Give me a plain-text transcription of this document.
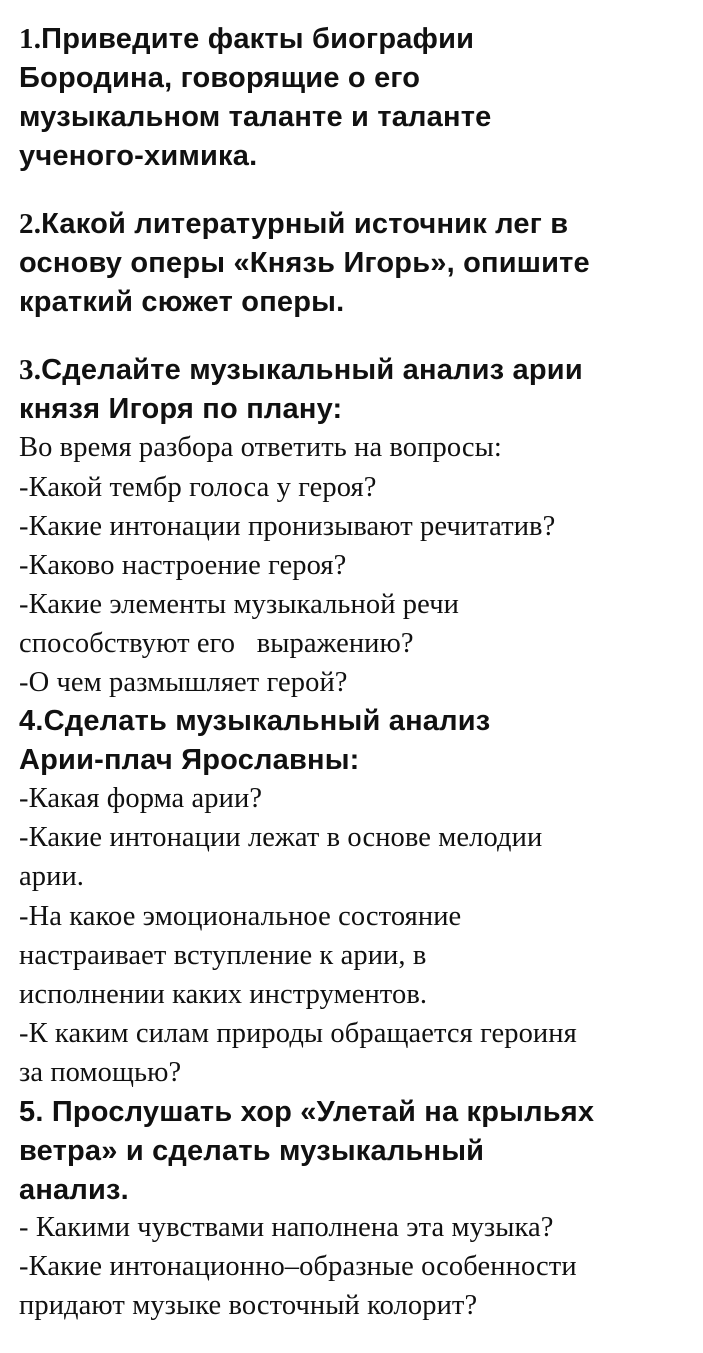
1.Приведите факты биографии
Бородина, говорящие о его
музыкальном таланте и таланте
ученого-химика.
2.Какой литературный источник лег в
основу оперы «Князь Игорь», опишите
краткий сюжет оперы.
3.Сделайте музыкальный анализ арии
князя Игоря по плану:
Во время разбора ответить на вопросы:
-Какой тембр голоса у героя?
-Какие интонации пронизывают речитатив?
-Каково настроение героя?
-Какие элементы музыкальной речи
способствуют его   выражению?
-О чем размышляет герой?
4.Сделать музыкальный анализ
Арии-плач Ярославны:
-Какая форма арии?
-Какие интонации лежат в основе мелодии
арии.
-На какое эмоциональное состояние
настраивает вступление к арии, в
исполнении каких инструментов.
-К каким силам природы обращается героиня
за помощью?
5. Прослушать хор «Улетай на крыльях
ветра» и сделать музыкальный
анализ.
- Какими чувствами наполнена эта музыка?
-Какие интонационно–образные особенности
придают музыке восточный колорит?
